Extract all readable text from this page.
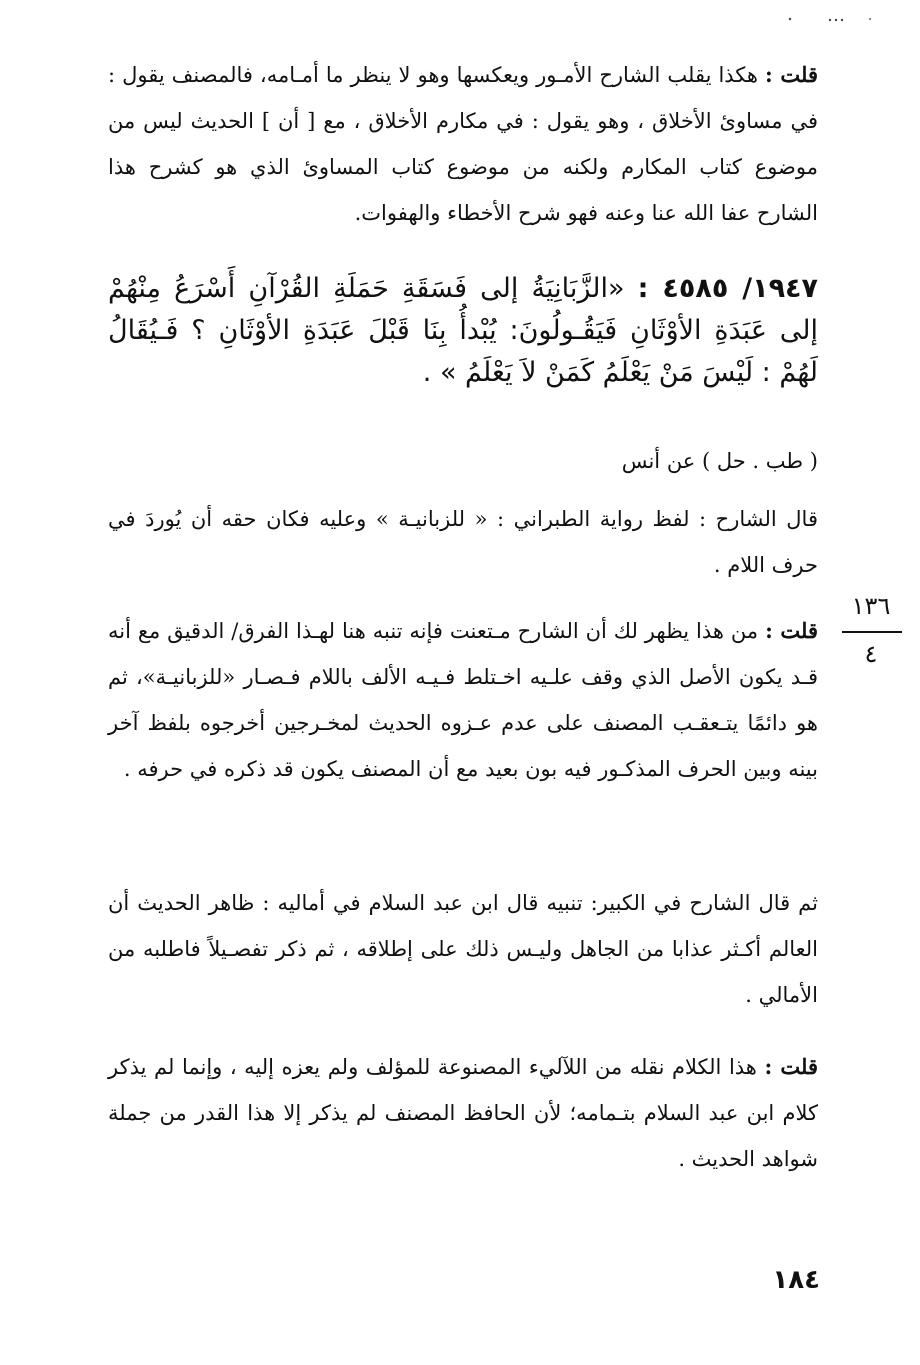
قلت : هكذا يقلب الشارح الأمـور ويعكسها وهو لا ينظر ما أمـامه، فالمصنف يقول : في مساوئ الأخلاق ، وهو يقول : في مكارم الأخلاق ، مع [ أن ] الحديث ليس من موضوع كتاب المكارم ولكنه من موضوع كتاب المساوئ الذي هو كشرح هذا الشارح عفا الله عنا وعنه فهو شرح الأخطاء والهفوات.

١٩٤٧/ ٤٥٨٥ : «الزَّبَانِيَةُ إلى فَسَقَةِ حَمَلَةِ القُرْآنِ أَسْرَعُ مِنْهُمْ إلى عَبَدَةِ الأوْثَانِ فَيَقُـولُونَ: يُبْدأُ بِنَا قَبْلَ عَبَدَةِ الأوْثَانِ ؟ فَـيُقَالُ لَهُمْ : لَيْسَ مَنْ يَعْلَمُ كَمَنْ لاَ يَعْلَمُ » .

( طب . حل ) عن أنس

قال الشارح : لفظ رواية الطبراني : « للزبانيـة » وعليه فكان حقه أن يُوردَ في حرف اللام .

قلت : من هذا يظهر لك أن الشارح مـتعنت فإنه تنبه هنا لهـذا الفرق/ الدقيق مع أنه قـد يكون الأصل الذي وقف علـيه اخـتلط فـيـه الألف باللام فـصـار «للزبانيـة»، ثم هو دائمًا يتـعقـب المصنف على عدم عـزوه الحديث لمخـرجين أخرجوه بلفظ آخر بينه وبين الحرف المذكـور فيه بون بعيد مع أن المصنف يكون قد ذكره في حرفه .

ثم قال الشارح في الكبير: تنبيه قال ابن عبد السلام في أماليه : ظاهر الحديث أن العالم أكـثر عذابا من الجاهل وليـس ذلك على إطلاقه ، ثم ذكر تفصـيلاً فاطلبه من الأمالي .

قلت : هذا الكلام نقله من اللآليء المصنوعة للمؤلف ولم يعزه إليه ، وإنما لم يذكر كلام ابن عبد السلام بتـمامه؛ لأن الحافظ المصنف لم يذكر إلا هذا القدر من جملة شواهد الحديث .

١٣٦
٤
١٨٤
